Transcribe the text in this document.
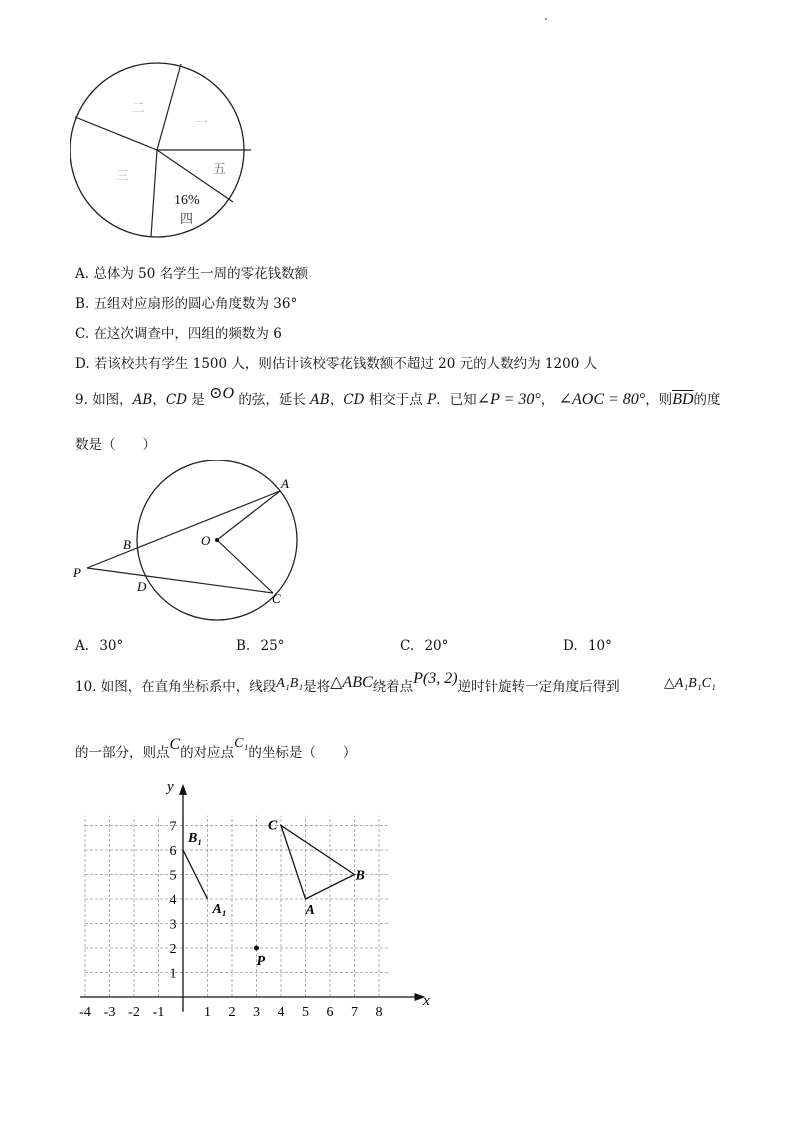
二
一
五
三
16%
四
A. 总体为 50 名学生一周的零花钱数额
B. 五组对应扇形的圆心角度数为 36°
C. 在这次调查中，四组的频数为 6
D. 若该校共有学生 1500 人，则估计该校零花钱数额不超过 20 元的人数约为 1200 人
9. 如图，AB，CD 是 ⊙O 的弦，延长 AB，CD 相交于点 P．已知∠P = 30°， ∠AOC = 80°，则$\overline{BD}$的度
数是（　　）
A
B	O
P
D
C
A. 30°	B. 25°	C. 20°	D. 10°
10. 如图，在直角坐标系中，线段A₁B₁是将△ABC绕着点P(3, 2)逆时针旋转一定角度后得到	△A₁B₁C₁
的一部分，则点C的对应点C₁的坐标是（　　）
x
y
-4 -3 -2 -1	1 2 3 4 5 6 7 8
1
2
3
4
5
6
7
A
B
C
A₁
B₁
P
